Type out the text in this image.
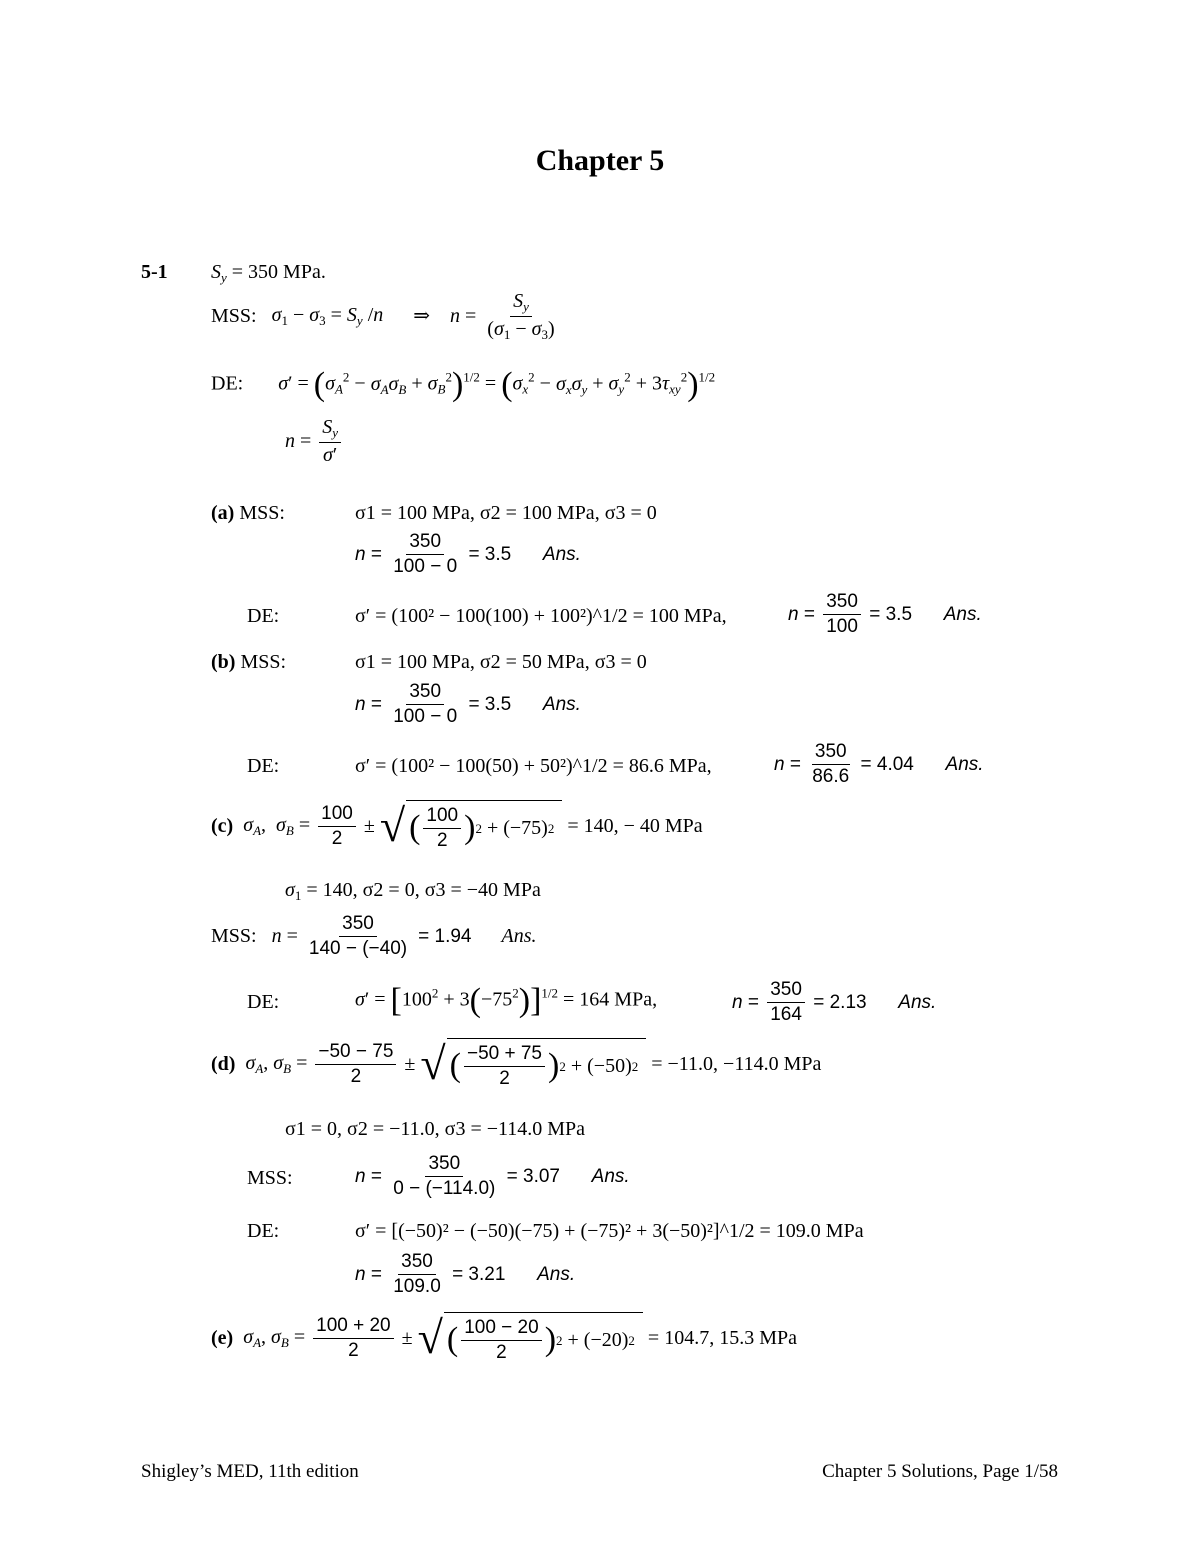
Chapter 5
5-1 $S_y = 350$ MPa.
MSS: $\sigma_1 - \sigma_3 = S_y$ /n ⇒ $n = \frac{S_y}{(\sigma_1 - \sigma_3)}$
DE: $\sigma' = (\sigma_A^2 - \sigma_A\sigma_B + \sigma_B^2)^{1/2} = (\sigma_x^2 - \sigma_x\sigma_y + \sigma_y^2 + 3\tau_{xy}^2)^{1/2}$
$n = \frac{S_y}{\sigma'}$
(a) MSS:	σ1 = 100 MPa, σ2 = 100 MPa, σ3 = 0
$n = \frac{350}{100 - 0} = 3.5$ Ans.
DE:	σ′ = (100² − 100(100) + 100²)^1/2 = 100 MPa,	$n = \frac{350}{100} = 3.5$ Ans.
(b) MSS:	σ1 = 100 MPa, σ2 = 50 MPa, σ3 = 0
$n = \frac{350}{100 - 0} = 3.5$ Ans.
DE:	σ′ = (100² − 100(50) + 50²)^1/2 = 86.6 MPa,	$n = \frac{350}{86.6} = 4.04$ Ans.
(c) $\sigma_A$,  $\sigma_B = \frac{100}{2}$ ± √ ( $\frac{100}{2}$ ) 2 + (−75) 2
= 140, − 40 MPa
$\sigma_1 = 140$, σ2 = 0, σ3 = −40 MPa
MSS: $n = \frac{350}{140 - (-40)} = 1.94$ Ans.
DE:	$\sigma' = [100^2 + 3(-75^2)]^{1/2} = 164$ MPa,	$n = \frac{350}{164} = 2.13$ Ans.
(d) $\sigma_A$, $\sigma_B = \frac{-50 - 75}{2}$ ± √ ( $\frac{-50 + 75}{2}$ ) 2 + (−50) 2
= −11.0, −114.0 MPa
σ1 = 0, σ2 = −11.0, σ3 = −114.0 MPa
MSS:	$n = \frac{350}{0 - (-114.0)} = 3.07$ Ans.
DE:	σ′ = [(−50)² − (−50)(−75) + (−75)² + 3(−50)²]^1/2 = 109.0 MPa
$n = \frac{350}{109.0} = 3.21$ Ans.
(e) $\sigma_A$, $\sigma_B = \frac{100 + 20}{2}$ ± √ ( $\frac{100 - 20}{2}$ ) 2 + (−20) 2
= 104.7, 15.3 MPa
Shigley’s MED, 11th edition	Chapter 5 Solutions, Page 1/58
